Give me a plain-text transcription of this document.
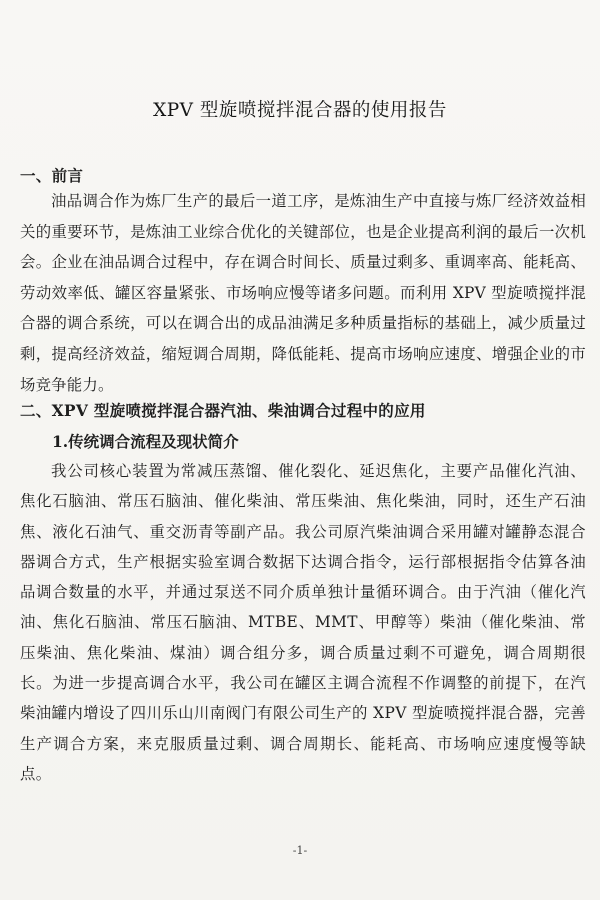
XPV 型旋喷搅拌混合器的使用报告
一、前言

油品调合作为炼厂生产的最后一道工序，是炼油生产中直接与炼厂经济效益相关的重要环节，是炼油工业综合优化的关键部位，也是企业提高利润的最后一次机会。企业在油品调合过程中，存在调合时间长、质量过剩多、重调率高、能耗高、劳动效率低、罐区容量紧张、市场响应慢等诸多问题。而利用 XPV 型旋喷搅拌混合器的调合系统，可以在调合出的成品油满足多种质量指标的基础上，减少质量过剩，提高经济效益，缩短调合周期，降低能耗、提高市场响应速度、增强企业的市场竞争能力。

二、XPV 型旋喷搅拌混合器汽油、柴油调合过程中的应用
1.传统调合流程及现状简介

我公司核心装置为常减压蒸馏、催化裂化、延迟焦化，主要产品催化汽油、焦化石脑油、常压石脑油、催化柴油、常压柴油、焦化柴油，同时，还生产石油焦、液化石油气、重交沥青等副产品。我公司原汽柴油调合采用罐对罐静态混合器调合方式，生产根据实验室调合数据下达调合指令，运行部根据指令估算各油品调合数量的水平，并通过泵送不同介质单独计量循环调合。由于汽油（催化汽油、焦化石脑油、常压石脑油、MTBE、MMT、甲醇等）柴油（催化柴油、常压柴油、焦化柴油、煤油）调合组分多，调合质量过剩不可避免，调合周期很长。为进一步提高调合水平，我公司在罐区主调合流程不作调整的前提下，在汽柴油罐内增设了四川乐山川南阀门有限公司生产的 XPV 型旋喷搅拌混合器，完善生产调合方案，来克服质量过剩、调合周期长、能耗高、市场响应速度慢等缺点。

-1-
